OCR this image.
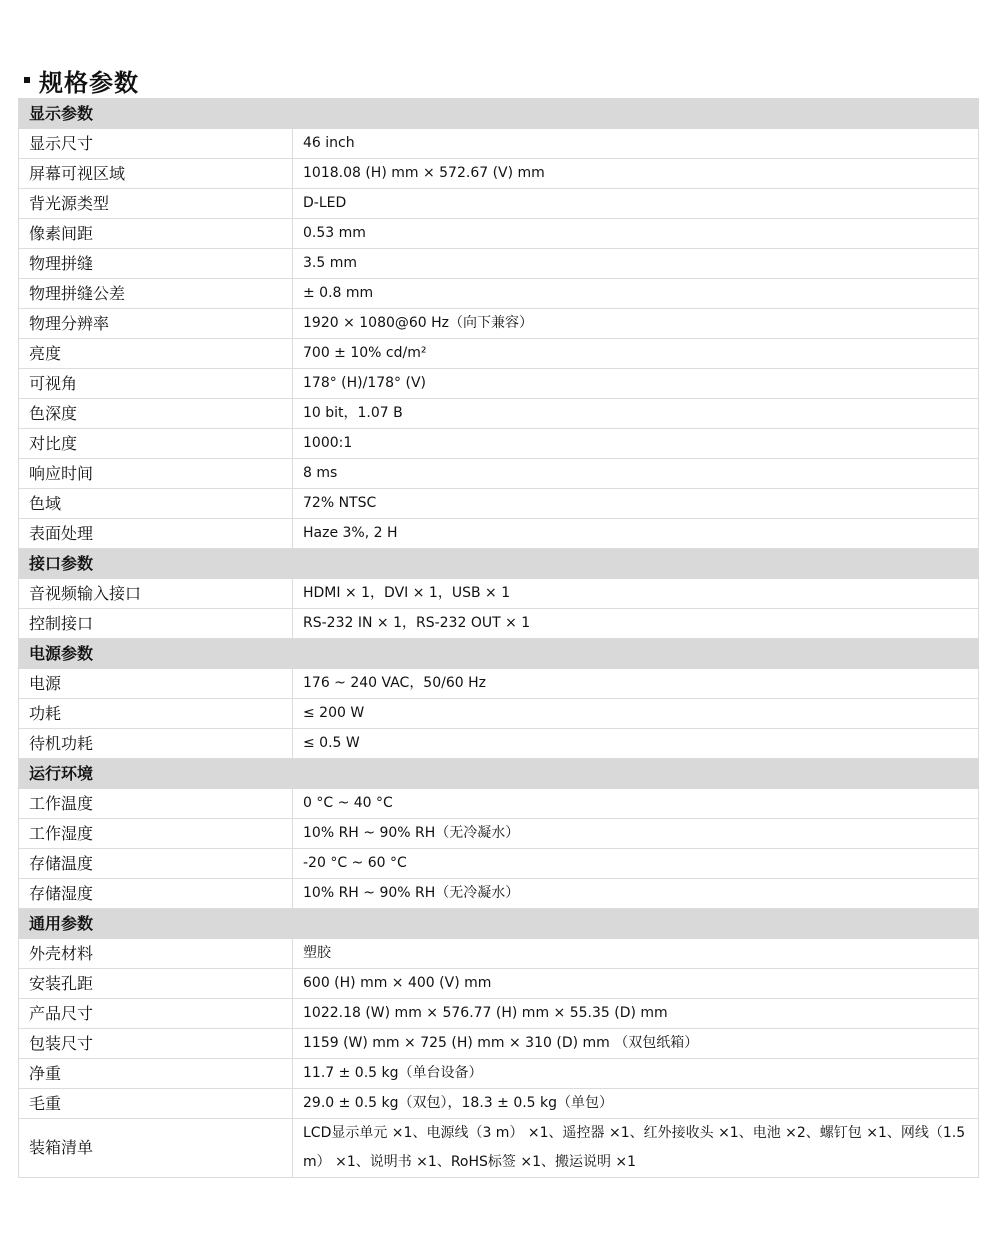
规格参数
显示参数	
显示尺寸	46 inch
屏幕可视区域	1018.08 (H) mm × 572.67 (V) mm
背光源类型	D-LED
像素间距	0.53 mm
物理拼缝	3.5 mm
物理拼缝公差	± 0.8 mm
物理分辨率	1920 × 1080@60 Hz（向下兼容）
亮度	700 ± 10% cd/m²
可视角	178° (H)/178° (V)
色深度	10 bit，1.07 B
对比度	1000:1
响应时间	8 ms
色域	72% NTSC
表面处理	Haze 3%, 2 H
接口参数	
音视频输入接口	HDMI × 1，DVI × 1，USB × 1
控制接口	RS-232 IN × 1，RS-232 OUT × 1
电源参数	
电源	176 ~ 240 VAC，50/60 Hz
功耗	≤ 200 W
待机功耗	≤ 0.5 W
运行环境	
工作温度	0 °C ~ 40 °C
工作湿度	10% RH ~ 90% RH（无冷凝水）
存储温度	-20 °C ~ 60 °C
存储湿度	10% RH ~ 90% RH（无冷凝水）
通用参数	
外壳材料	塑胶
安装孔距	600 (H) mm × 400 (V) mm
产品尺寸	1022.18 (W) mm × 576.77 (H) mm × 55.35 (D) mm
包装尺寸	1159 (W) mm × 725 (H) mm × 310 (D) mm （双包纸箱）
净重	11.7 ± 0.5 kg（单台设备）
毛重	29.0 ± 0.5 kg（双包），18.3 ± 0.5 kg（单包）
装箱清单	LCD显示单元 ×1、电源线（3 m） ×1、遥控器 ×1、红外接收头 ×1、电池 ×2、螺钉包 ×1、网线（1.5 m） ×1、说明书 ×1、RoHS标签 ×1、搬运说明 ×1
